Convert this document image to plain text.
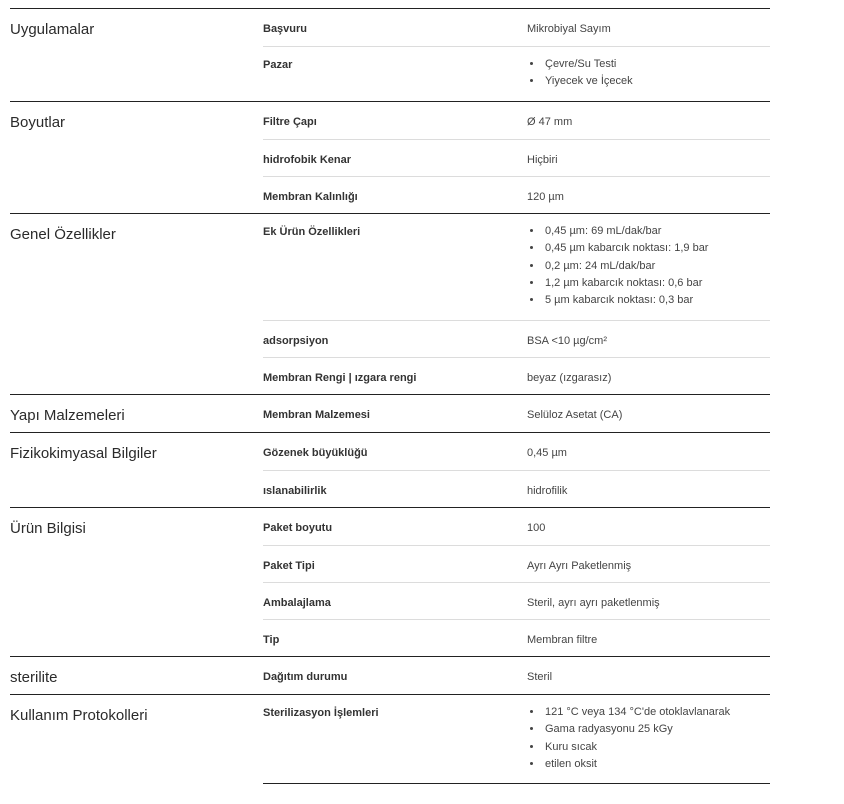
Uygulamalar	Başvuru	Mikrobiyal Sayım
Pazar	• Çevre/Su Testi
• Yiyecek ve İçecek
Boyutlar	Filtre Çapı	Ø 47 mm
hidrofobik Kenar	Hiçbiri
Membran Kalınlığı	120 µm
Genel Özellikler	Ek Ürün Özellikleri	• 0,45 µm: 69 mL/dak/bar
• 0,45 µm kabarcık noktası: 1,9 bar
• 0,2 µm: 24 mL/dak/bar
• 1,2 µm kabarcık noktası: 0,6 bar
• 5 µm kabarcık noktası: 0,3 bar
adsorpsiyon	BSA <10 µg/cm²
Membran Rengi | ızgara rengi	beyaz (ızgarasız)
Yapı Malzemeleri	Membran Malzemesi	Selüloz Asetat (CA)
Fizikokimyasal Bilgiler	Gözenek büyüklüğü	0,45 µm
ıslanabilirlik	hidrofilik
Ürün Bilgisi	Paket boyutu	100
Paket Tipi	Ayrı Ayrı Paketlenmiş
Ambalajlama	Steril, ayrı ayrı paketlenmiş
Tip	Membran filtre
sterilite	Dağıtım durumu	Steril
Kullanım Protokolleri	Sterilizasyon İşlemleri	• 121 °C veya 134 °C'de otoklavlanarak
• Gama radyasyonu 25 kGy
• Kuru sıcak
• etilen oksit
